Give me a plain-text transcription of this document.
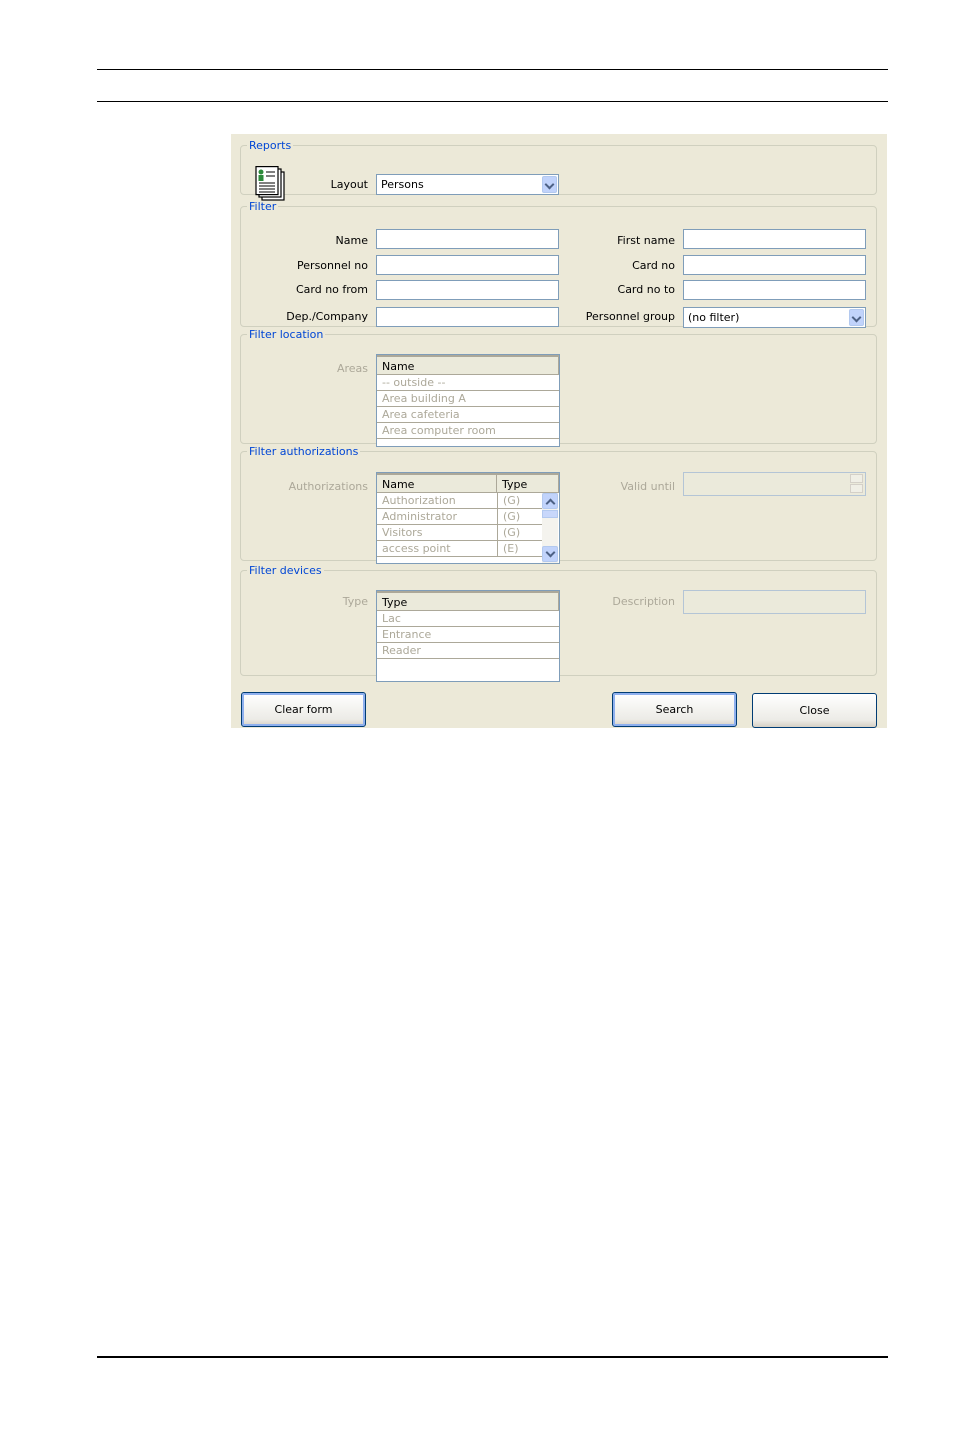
Reports
Layout Persons
Filter
Name	First name
Personnel no	Card no
Card no from	Card no to
Dep./Company	Personnel group (no filter)
Filter location
Areas	Name
-- outside --
Area building A
Area cafeteria
Area computer room
Filter authorizations
Authorizations	Name	Type
Authorization	(G)
Administrator	(G)
Visitors	(G)
access point	(E)
Valid until
Filter devices
Type	Type
Lac
Entrance
Reader
Description
Clear form	Search	Close
